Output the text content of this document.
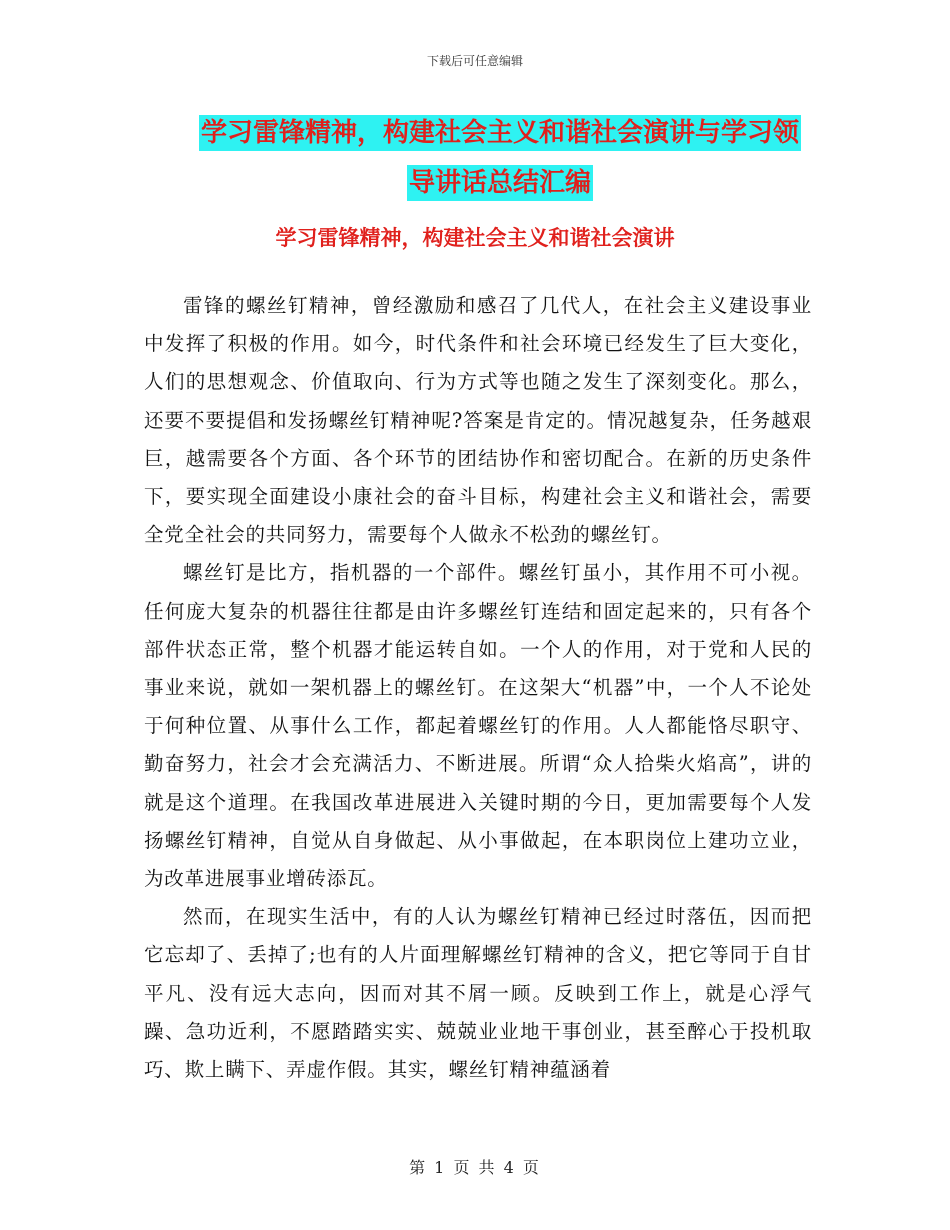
下载后可任意编辑
学习雷锋精神，构建社会主义和谐社会演讲与学习领
导讲话总结汇编
学习雷锋精神，构建社会主义和谐社会演讲

雷锋的螺丝钉精神，曾经激励和感召了几代人，在社会主义建设事业中发挥了积极的作用。如今，时代条件和社会环境已经发生了巨大变化，人们的思想观念、价值取向、行为方式等也随之发生了深刻变化。那么，还要不要提倡和发扬螺丝钉精神呢?答案是肯定的。情况越复杂，任务越艰巨，越需要各个方面、各个环节的团结协作和密切配合。在新的历史条件下，要实现全面建设小康社会的奋斗目标，构建社会主义和谐社会，需要全党全社会的共同努力，需要每个人做永不松劲的螺丝钉。

螺丝钉是比方，指机器的一个部件。螺丝钉虽小，其作用不可小视。任何庞大复杂的机器往往都是由许多螺丝钉连结和固定起来的，只有各个部件状态正常，整个机器才能运转自如。一个人的作用，对于党和人民的事业来说，就如一架机器上的螺丝钉。在这架大“机器”中，一个人不论处于何种位置、从事什么工作，都起着螺丝钉的作用。人人都能恪尽职守、勤奋努力，社会才会充满活力、不断进展。所谓“众人拾柴火焰高”，讲的就是这个道理。在我国改革进展进入关键时期的今日，更加需要每个人发扬螺丝钉精神，自觉从自身做起、从小事做起，在本职岗位上建功立业，为改革进展事业增砖添瓦。

然而，在现实生活中，有的人认为螺丝钉精神已经过时落伍，因而把它忘却了、丢掉了;也有的人片面理解螺丝钉精神的含义，把它等同于自甘平凡、没有远大志向，因而对其不屑一顾。反映到工作上，就是心浮气躁、急功近利，不愿踏踏实实、兢兢业业地干事创业，甚至醉心于投机取巧、欺上瞒下、弄虚作假。其实，螺丝钉精神蕴涵着

第 1 页 共 4 页
